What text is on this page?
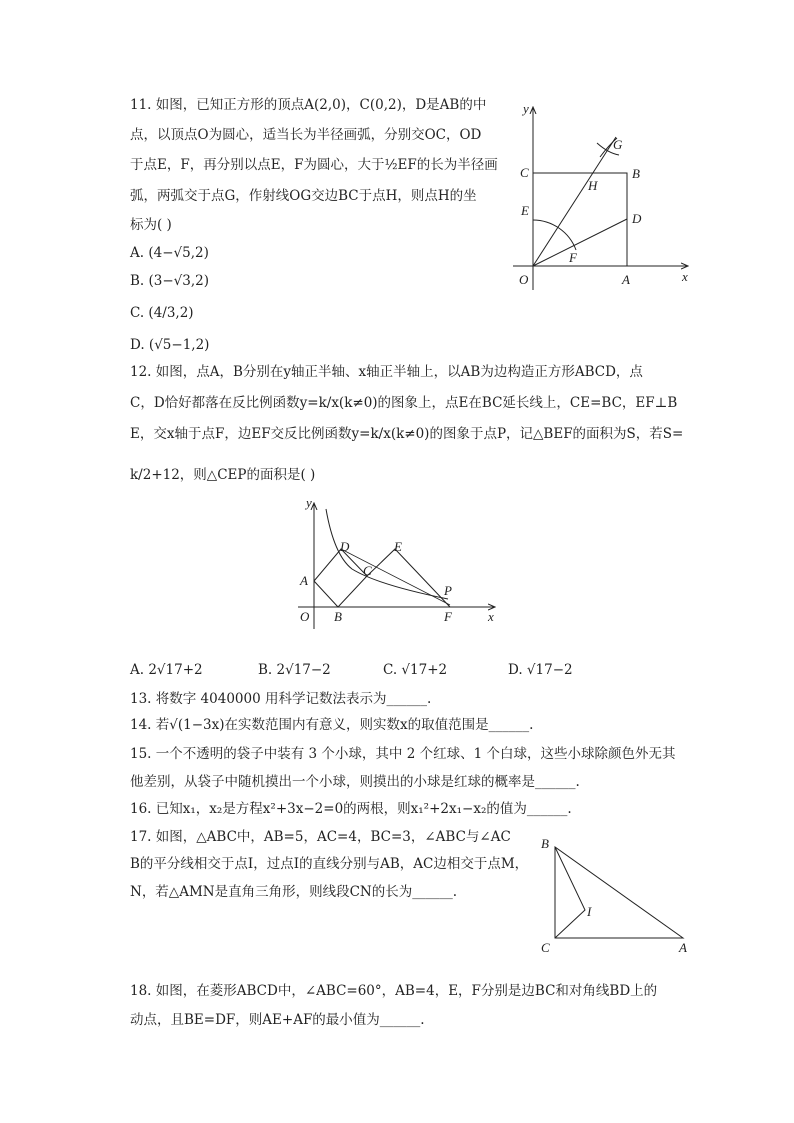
11. 如图，已知正方形的顶点A(2,0)，C(0,2)，D是AB的中
点，以顶点O为圆心，适当长为半径画弧，分别交OC，OD
于点E，F，再分别以点E，F为圆心，大于½EF的长为半径画
弧，两弧交于点G，作射线OG交边BC于点H，则点H的坐
标为( )
A. (4−√5,2)
B. (3−√3,2)
C. (4/3,2)
D. (√5−1,2)
y
x
O	A
B
C
D
E
F
G
H
12. 如图，点A，B分别在y轴正半轴、x轴正半轴上，以AB为边构造正方形ABCD，点
C，D恰好都落在反比例函数y=k/x(k≠0)的图象上，点E在BC延长线上，CE=BC，EF⊥B
E，交x轴于点F，边EF交反比例函数y=k/x(k≠0)的图象于点P，记△BEF的面积为S，若S=
k/2+12，则△CEP的面积是( )
y
x
O
A
B
C
D	E
F
P
A. 2√17+2	B. 2√17−2	C. √17+2	D. √17−2
13. 将数字 4040000 用科学记数法表示为______.
14. 若√(1−3x)在实数范围内有意义，则实数x的取值范围是______.
15. 一个不透明的袋子中装有 3 个小球，其中 2 个红球、1 个白球，这些小球除颜色外无其
他差别，从袋子中随机摸出一个小球，则摸出的小球是红球的概率是______.
16. 已知x₁，x₂是方程x²+3x−2=0的两根，则x₁²+2x₁−x₂的值为______.
17. 如图，△ABC中，AB=5，AC=4，BC=3，∠ABC与∠AC
B的平分线相交于点I，过点I的直线分别与AB，AC边相交于点M，
N，若△AMN是直角三角形，则线段CN的长为______.
B
C	A
I
18. 如图，在菱形ABCD中，∠ABC=60°，AB=4，E，F分别是边BC和对角线BD上的
动点，且BE=DF，则AE+AF的最小值为______.
